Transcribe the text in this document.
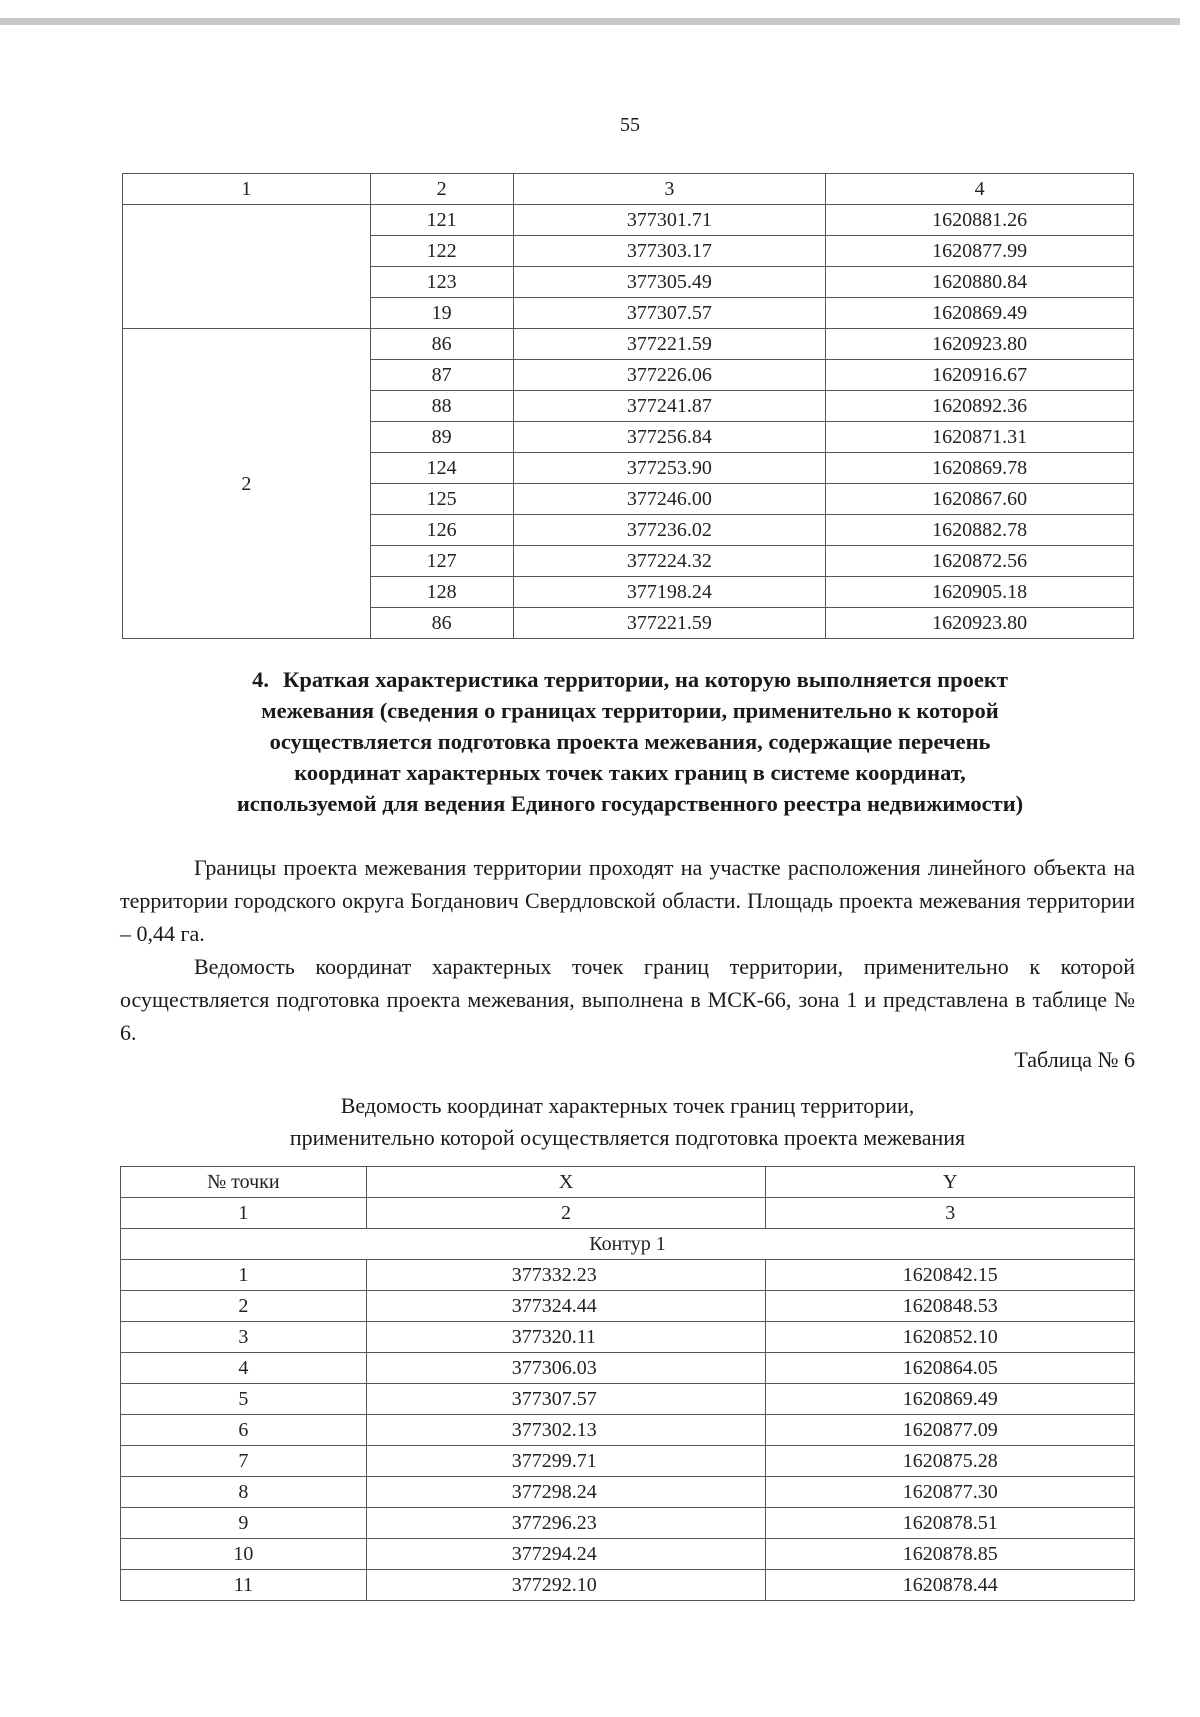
55
1	2	3	4
	121	377301.71	1620881.26
	122	377303.17	1620877.99
	123	377305.49	1620880.84
	19	377307.57	1620869.49
2	86	377221.59	1620923.80
	87	377226.06	1620916.67
	88	377241.87	1620892.36
	89	377256.84	1620871.31
	124	377253.90	1620869.78
	125	377246.00	1620867.60
	126	377236.02	1620882.78
	127	377224.32	1620872.56
	128	377198.24	1620905.18
	86	377221.59	1620923.80
4. Краткая характеристика территории, на которую выполняется проект
межевания (сведения о границах территории, применительно к которой
осуществляется подготовка проекта межевания, содержащие перечень
координат характерных точек таких границ в системе координат,
используемой для ведения Единого государственного реестра недвижимости)

Границы проекта межевания территории проходят на участке расположения линейного объекта на территории городского округа Богданович Свердловской области. Площадь проекта межевания территории – 0,44 га.

Ведомость координат характерных точек границ территории, применительно к которой осуществляется подготовка проекта межевания, выполнена в МСК-66, зона 1 и представлена в таблице № 6.

Таблица № 6
Ведомость координат характерных точек границ территории,
применительно которой осуществляется подготовка проекта межевания
№ точки	X	Y
1	2	3
Контур 1		
1	377332.23	1620842.15
2	377324.44	1620848.53
3	377320.11	1620852.10
4	377306.03	1620864.05
5	377307.57	1620869.49
6	377302.13	1620877.09
7	377299.71	1620875.28
8	377298.24	1620877.30
9	377296.23	1620878.51
10	377294.24	1620878.85
11	377292.10	1620878.44
